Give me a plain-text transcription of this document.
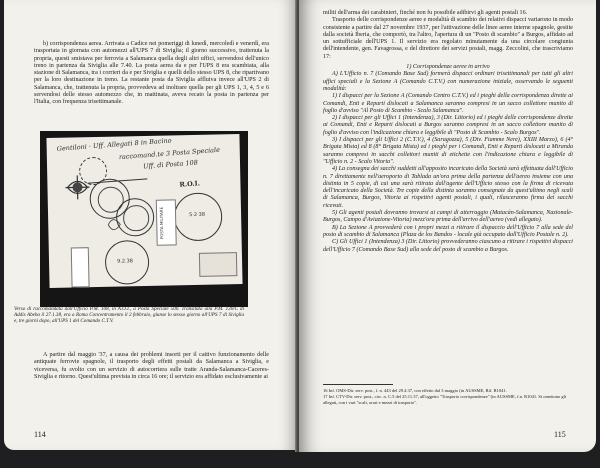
b) corrispondenza aerea. Arrivata a Cadice nei pomeriggi di lunedì, mercoledì e venerdì, era trasportata in giornata con automezzi all'UPS 7 di Siviglia; il giorno successivo, trattenuta la propria, questi smistava per ferrovia a Salamanca quella degli altri uffici, servendosi dell'unico treno in partenza da Siviglia alle 7.40. La posta aerea da e per l'UPS 8 era scambiata, alla stazione di Salamanca, tra i corrieri da e per Siviglia e quelli dello stesso UPS 8, che ripartivano per la loro destinazione in treno. La restante posta da Siviglia affluiva invece all'UPS 2 di Salamanca, che, trattenuta la propria, provvedeva ad inoltrare quella per gli UPS 1, 3, 4, 5 e 6 servendosi delle stesso automezzo che, in mattinata, aveva recato la posta in partenza per l'Italia, con frequenza trisettimanale.

Gentiloni · Uff. Allegati 8 in Bacino
raccomand.te 3 Posta Speciale
Uff. di Posta 108
R.O.I.
5·2·38
9.2.38
POSTA MILITARE
Verso di raccomandata dall'Ufficio P.M. 108, in A.O.I., a Posta Speciale 500. Transitata alla P.M. 130/C di Addis Abeba il 27.1.38, era a Roma Concentramento il 2 febbraio, giunse lo stesso giorno all'UPS 7 di Siviglia e, tre giorni dopo, all'UPS 1 del Comando C.T.V.

A partire dal maggio '37, a causa dei problemi insorti per il cattivo funzionamento delle antiquate ferrovie spagnole, il trasporto degli effetti postali da Salamanca a Siviglia, e viceversa, fu svolto con un servizio di autocorriera sulle tratte Aranda-Salamanca-Caceres-Siviglia e ritorno. Quest'ultima prevista in circa 16 ore; il servizio era affidato esclusivamente ai

114

militi dell'arma dei carabinieri, finché non fu possibile adibirvi gli agenti postali 16.

Trasporto delle corrispondenze aeree e modalità di scambio dei relativi dispacci variarono in modo consistente a partire dal 27 novembre 1937, per l'attivazione delle linee aeree interne spagnole, gestite dalla società Iberia, che comportò, tra l'altro, l'apertura di un "Posto di scambio" a Burgos, affidato ad un sottufficiale dell'UPS 1. Il servizio era regolato minutamente da una circolare congiunta dell'intendente, gen. Favagrossa, e del direttore dei servizi postali, magg. Zeccolini, che trascriviamo 17:

1) Corrispondenze aeree in arrivo

A) L'Ufficio n. 7 (Comando Base Sud) formerà dispacci ordinari trisettimanali per tutti gli altri uffici speciali e la Sezione A (Comando C.T.V.) con numerazione iniziale, osservando le seguenti modalità:

1) I dispacci per la Sezione A (Comando Centro C.T.V.) ed i pieghi della corrispondenza dirette ai Comandi, Enti e Reparti dislocati a Salamanca saranno compresi in un sacco collettore munito di foglio d'avviso "Al Posto di Scambio - Scalo Salamanca".

2) I dispacci per gli Uffici 1 (Intendenza), 3 (Dir. Littorio) ed i pieghi delle corrispondenze dirette ai Comandi, Enti e Reparti dislocati a Burgos saranno compresi in un sacco collettore munito di foglio d'avviso con l'indicazione chiara e leggibile di "Posto di Scambio - Scalo Burgos".

3) I dispacci per gli Uffici 2 (C.T.V.), 4 (Saragozza), 5 (Div. Fiamme Nere), XXIII Marzo), 6 (4° Brigata Mista) ed 8 (8° Brigata Mista) ed i pieghi per i Comandi, Enti e Reparti dislocati a Miranda saranno compresi in sacchi collettori muniti di etichette con l'indicazione chiara e leggibile di "Ufficio n. 2 - Scalo Vitoria".

4) La consegna dei sacchi suddetti all'apposito incaricato della Società sarà effettuata dall'Ufficio n. 7 direttamente nell'aeroporto di Tablada un'ora prima della partenza dell'aereo insieme con una distinta in 5 copie, di cui una sarà ritirata dall'agente dell'Ufficio stesso con la firma di ricevuta dell'incaricato della Società. Tre copie della distinta saranno consegnate da quest'ultimo negli scali di Salamanca, Burgos, Vitoria ai rispettivi agenti postali, i quali, rilasceranno firma dei sacchi ricevuti.

5) Gli agenti postali dovranno trovarsi ai campi di atterraggio (Matacán-Salamanca, Nazionale-Burgos, Campo d'Aviazione-Vitoria) mezz'ora prima dell'arrivo dell'aereo (vedi allegato).

B) La Sezione A provvederà con i propri mezzi a ritirare il dispaccio dell'Ufficio 7 alla sede del posto di scambio di Salamanca (Plaza de los Bandos - locale già occupato dall'Ufficio Postale n. 2).

C) Gli Uffici 1 (Intendenza) 3 (Dir. Littorio) provvederanno ciascuno a ritirare i rispettivi dispacci dell'Ufficio 7 (Comando Base Sud) alla sede del posto di scambio a Burgos.

16 Inf. OMS-Dir. serv. post., f. n. 443 del 29.4.37, con effetto dal 3 maggio (in AUSSME, Rif. R1041.

17 Inf. CTV-Dir. serv. post., circ. n. C.5 del 25.11.37, all'oggetto "Trasporto corrispondenze" (in AUSSME, f.n. R1041. Si omettono gli allegati, con i vari "scali, orari e mezzi di trasporto".

115
